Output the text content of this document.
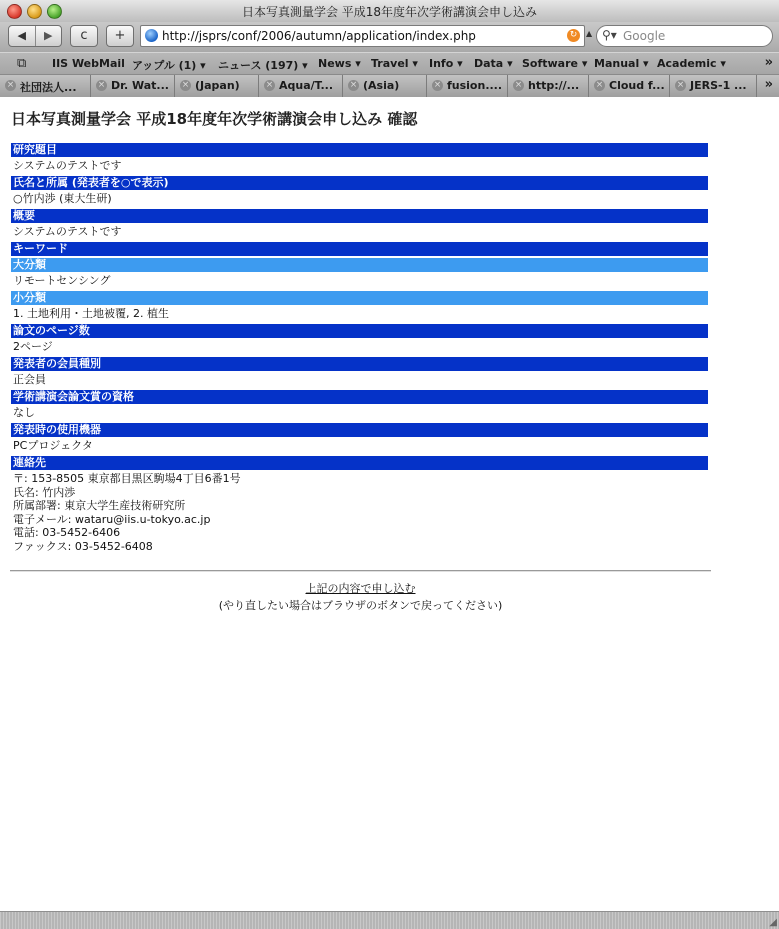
日本写真測量学会 平成18年度年次学術講演会申し込み
◀	▶	c	+	http://jsprs/conf/2006/autumn/application/index.php	↻	▲ ⚲▾ Google
⧉ IIS WebMail アップル (1) ▾ ニュース (197) ▾ News ▾ Travel ▾ Info ▾ Data ▾ Software ▾ Manual ▾ Academic ▾	»
× 社団法人... × Dr. Wat... × (Japan)	× Aqua/T... × (Asia)	× fusion.... × http://... × Cloud f... × JERS-1 ... »
日本写真測量学会 平成18年度年次学術講演会申し込み 確認
研究題目
システムのテストです
氏名と所属 (発表者を○で表示)
○竹内渉 (東大生研)
概要
システムのテストです
キーワード
大分類
リモートセンシング
小分類
1. 土地利用・土地被覆, 2. 植生
論文のページ数
2ページ
発表者の会員種別
正会員
学術講演会論文賞の資格
なし
発表時の使用機器
PCプロジェクタ
連絡先
〒: 153-8505 東京都目黒区駒場4丁目6番1号
氏名: 竹内渉
所属部署: 東京大学生産技術研究所
電子メール: wataru@iis.u-tokyo.ac.jp
電話: 03-5452-6406
ファックス: 03-5452-6408
上記の内容で申し込む
(やり直したい場合はブラウザのボタンで戻ってください)
◢
